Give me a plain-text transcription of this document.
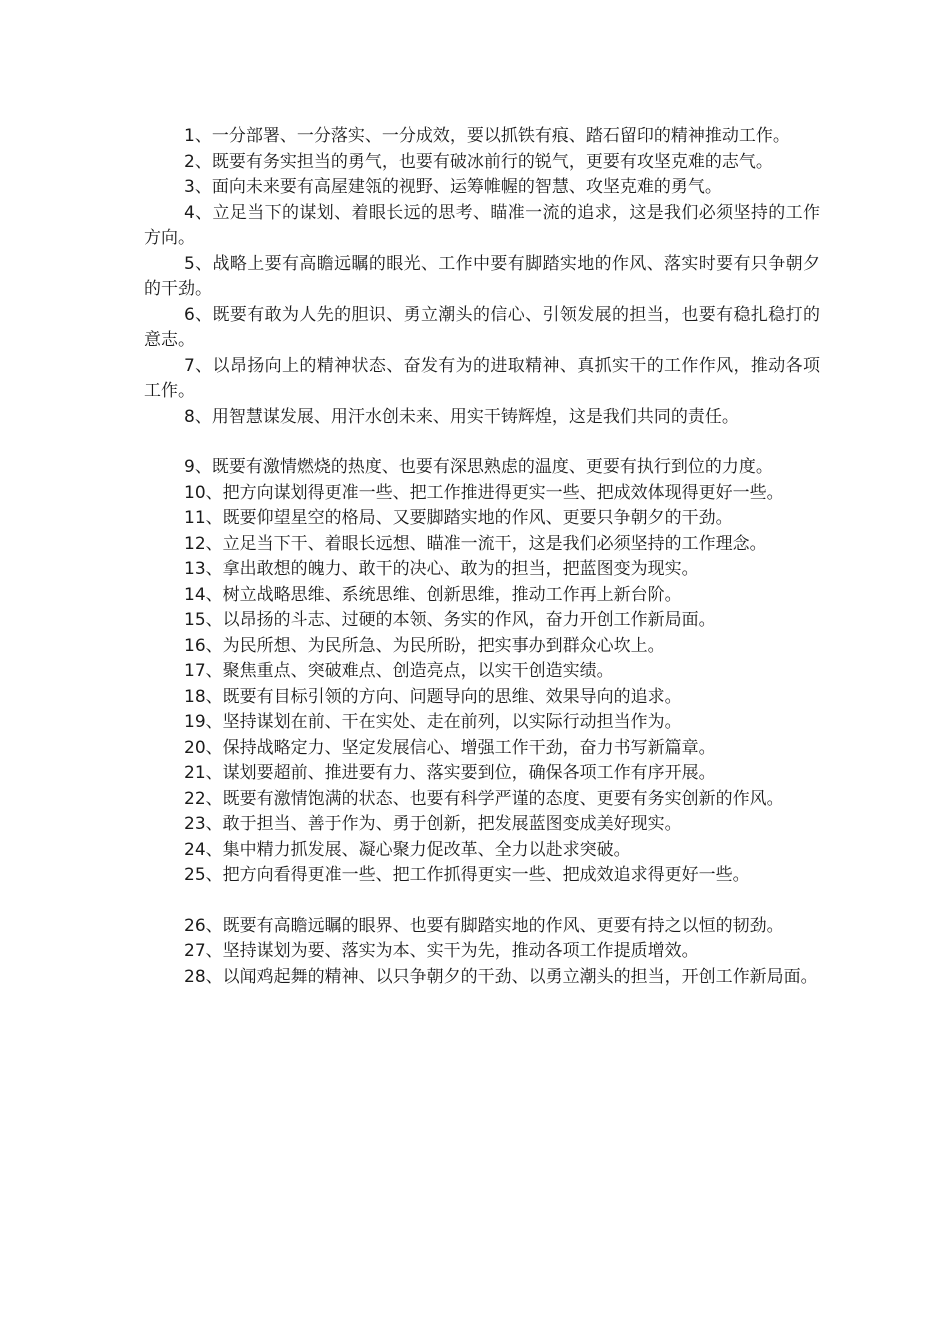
1、一分部署、一分落实、一分成效，要以抓铁有痕、踏石留印的精神推动工作。

2、既要有务实担当的勇气，也要有破冰前行的锐气，更要有攻坚克难的志气。

3、面向未来要有高屋建瓴的视野、运筹帷幄的智慧、攻坚克难的勇气。

4、立足当下的谋划、着眼长远的思考、瞄准一流的追求，这是我们必须坚持的工作方向。

5、战略上要有高瞻远瞩的眼光、工作中要有脚踏实地的作风、落实时要有只争朝夕的干劲。

6、既要有敢为人先的胆识、勇立潮头的信心、引领发展的担当，也要有稳扎稳打的意志。

7、以昂扬向上的精神状态、奋发有为的进取精神、真抓实干的工作作风，推动各项工作。

8、用智慧谋发展、用汗水创未来、用实干铸辉煌，这是我们共同的责任。

9、既要有激情燃烧的热度、也要有深思熟虑的温度、更要有执行到位的力度。

10、把方向谋划得更准一些、把工作推进得更实一些、把成效体现得更好一些。

11、既要仰望星空的格局、又要脚踏实地的作风、更要只争朝夕的干劲。

12、立足当下干、着眼长远想、瞄准一流干，这是我们必须坚持的工作理念。

13、拿出敢想的魄力、敢干的决心、敢为的担当，把蓝图变为现实。

14、树立战略思维、系统思维、创新思维，推动工作再上新台阶。

15、以昂扬的斗志、过硬的本领、务实的作风，奋力开创工作新局面。

16、为民所想、为民所急、为民所盼，把实事办到群众心坎上。

17、聚焦重点、突破难点、创造亮点，以实干创造实绩。

18、既要有目标引领的方向、问题导向的思维、效果导向的追求。

19、坚持谋划在前、干在实处、走在前列，以实际行动担当作为。

20、保持战略定力、坚定发展信心、增强工作干劲，奋力书写新篇章。

21、谋划要超前、推进要有力、落实要到位，确保各项工作有序开展。

22、既要有激情饱满的状态、也要有科学严谨的态度、更要有务实创新的作风。

23、敢于担当、善于作为、勇于创新，把发展蓝图变成美好现实。

24、集中精力抓发展、凝心聚力促改革、全力以赴求突破。

25、把方向看得更准一些、把工作抓得更实一些、把成效追求得更好一些。

26、既要有高瞻远瞩的眼界、也要有脚踏实地的作风、更要有持之以恒的韧劲。

27、坚持谋划为要、落实为本、实干为先，推动各项工作提质增效。

28、以闻鸡起舞的精神、以只争朝夕的干劲、以勇立潮头的担当，开创工作新局面。
